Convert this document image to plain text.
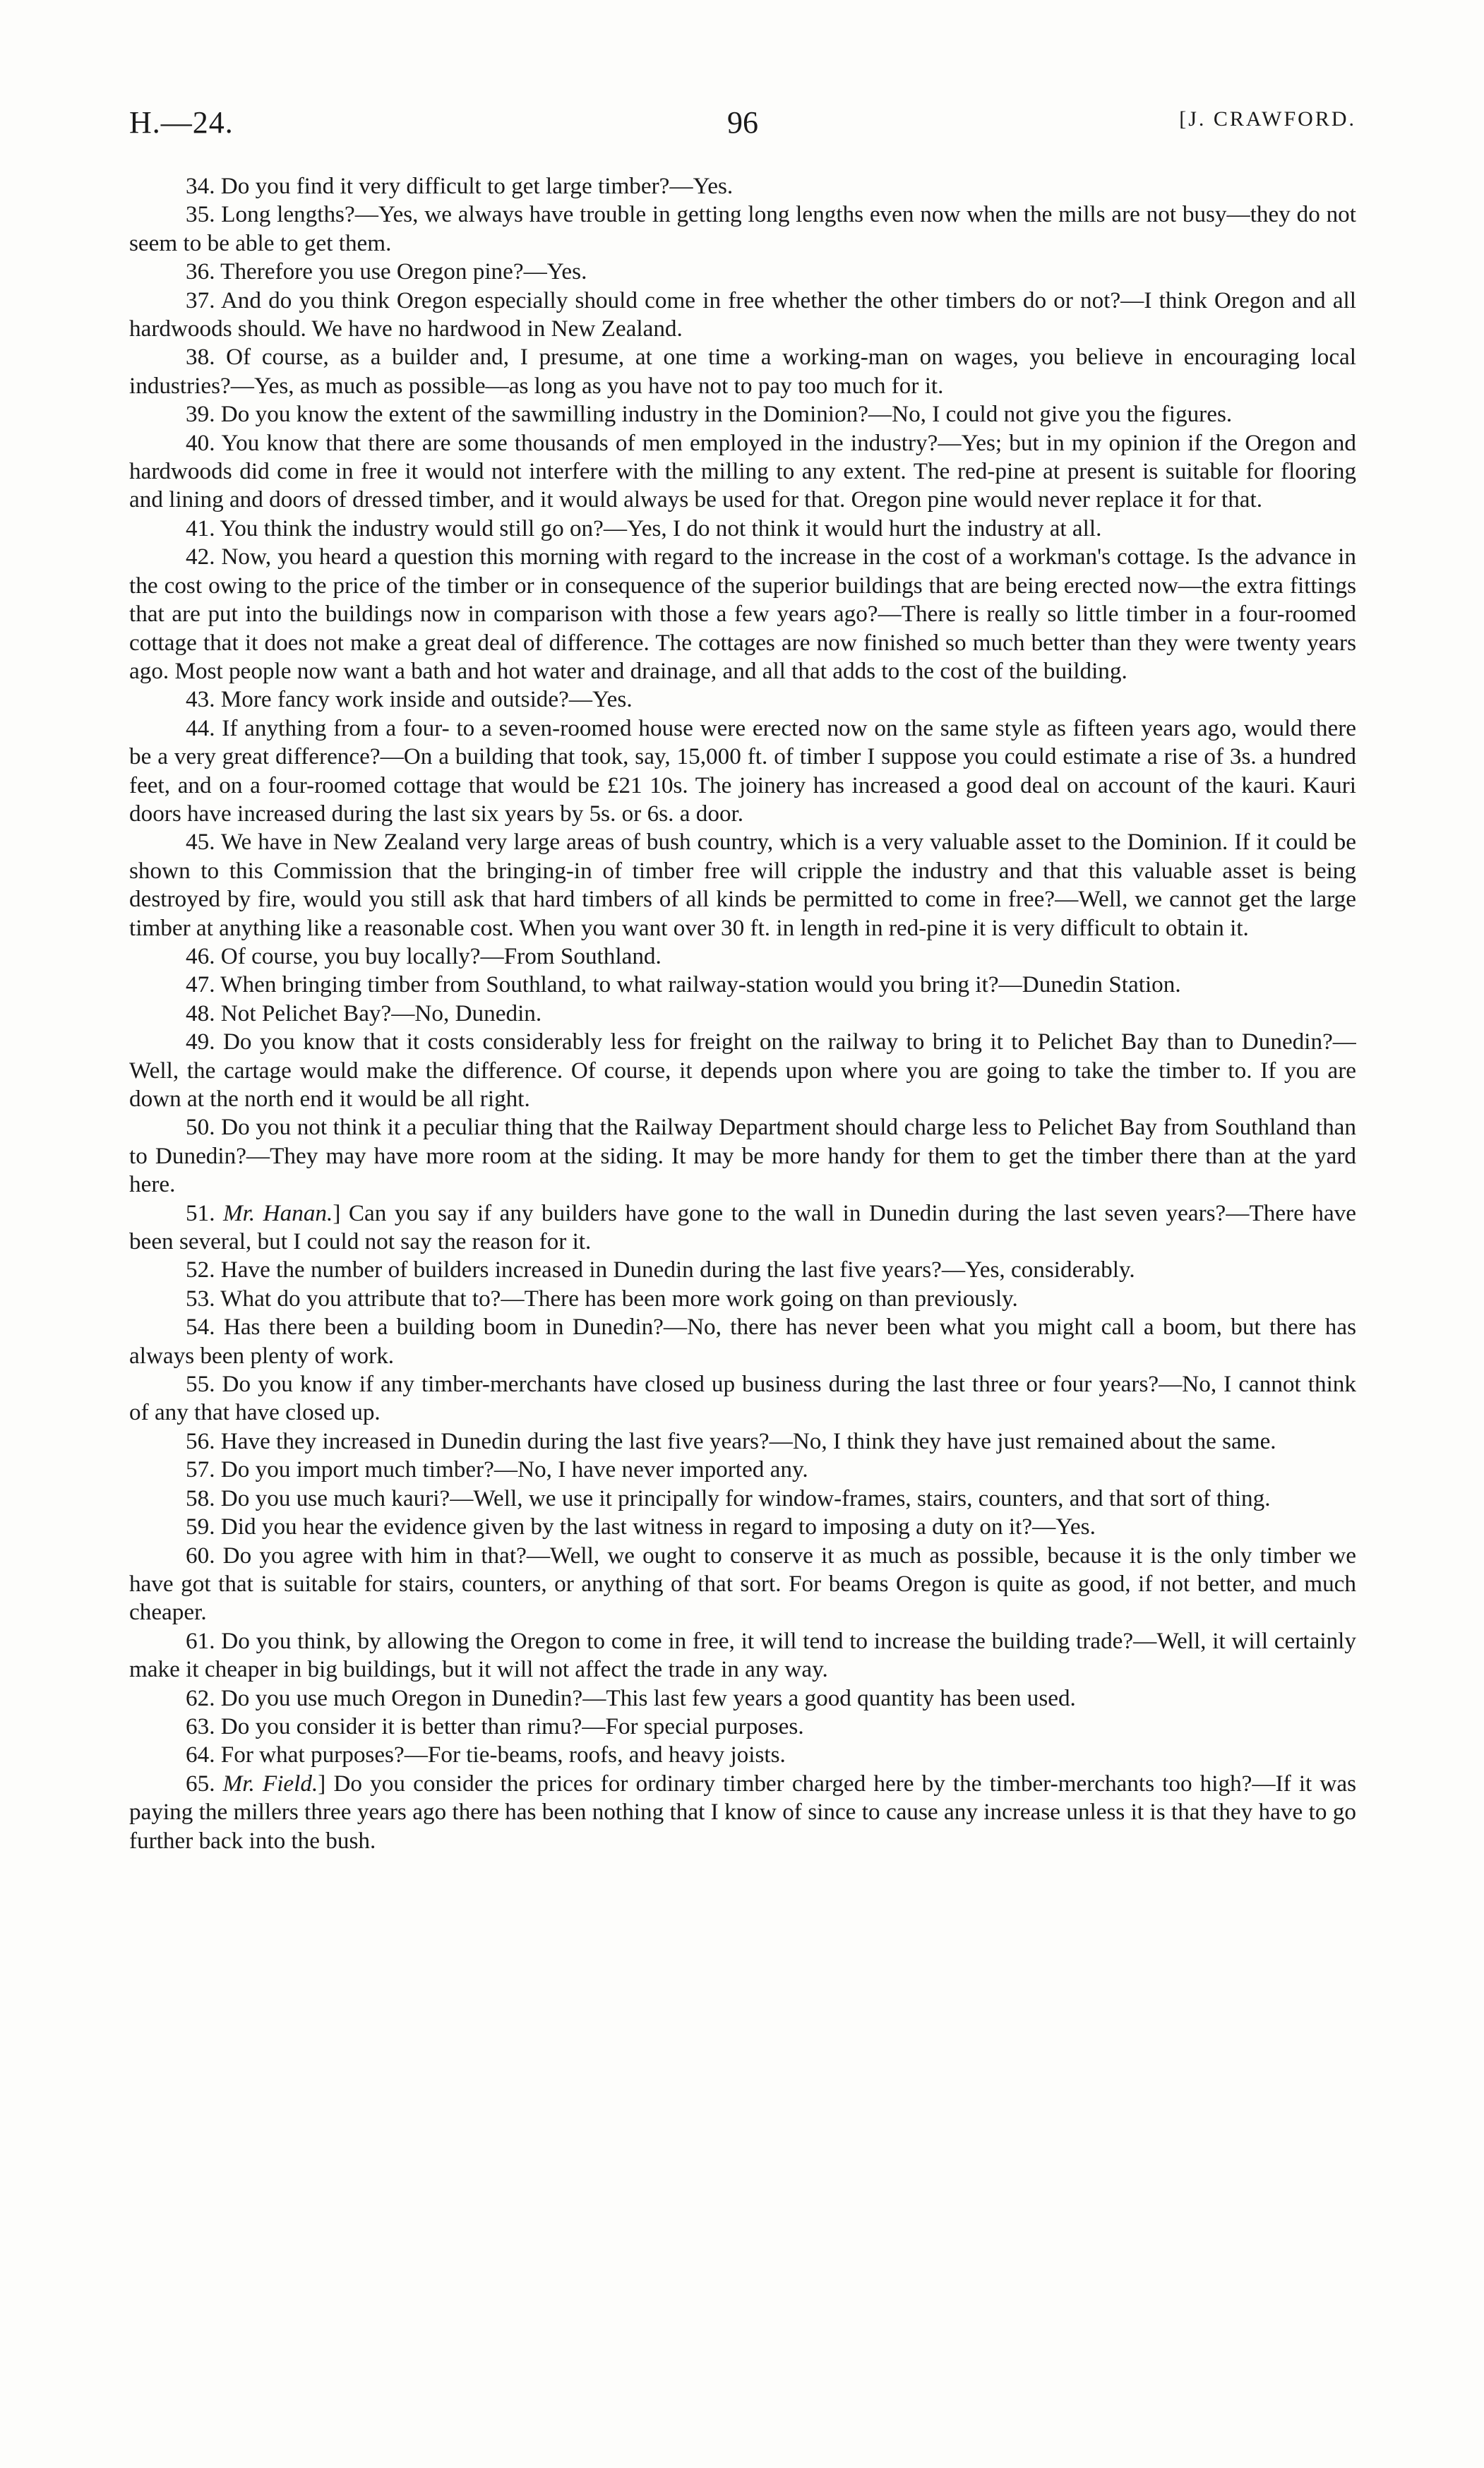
H.—24.	96	[J. CRAWFORD.

34. Do you find it very difficult to get large timber?—Yes.

35. Long lengths?—Yes, we always have trouble in getting long lengths even now when the mills are not busy—they do not seem to be able to get them.

36. Therefore you use Oregon pine?—Yes.

37. And do you think Oregon especially should come in free whether the other timbers do or not?—I think Oregon and all hardwoods should. We have no hardwood in New Zealand.

38. Of course, as a builder and, I presume, at one time a working-man on wages, you believe in encouraging local industries?—Yes, as much as possible—as long as you have not to pay too much for it.

39. Do you know the extent of the sawmilling industry in the Dominion?—No, I could not give you the figures.

40. You know that there are some thousands of men employed in the industry?—Yes; but in my opinion if the Oregon and hardwoods did come in free it would not interfere with the milling to any extent. The red-pine at present is suitable for flooring and lining and doors of dressed timber, and it would always be used for that. Oregon pine would never replace it for that.

41. You think the industry would still go on?—Yes, I do not think it would hurt the industry at all.

42. Now, you heard a question this morning with regard to the increase in the cost of a workman's cottage. Is the advance in the cost owing to the price of the timber or in consequence of the superior buildings that are being erected now—the extra fittings that are put into the buildings now in comparison with those a few years ago?—There is really so little timber in a four-roomed cottage that it does not make a great deal of difference. The cottages are now finished so much better than they were twenty years ago. Most people now want a bath and hot water and drainage, and all that adds to the cost of the building.

43. More fancy work inside and outside?—Yes.

44. If anything from a four- to a seven-roomed house were erected now on the same style as fifteen years ago, would there be a very great difference?—On a building that took, say, 15,000 ft. of timber I suppose you could estimate a rise of 3s. a hundred feet, and on a four-roomed cottage that would be £21 10s. The joinery has increased a good deal on account of the kauri. Kauri doors have increased during the last six years by 5s. or 6s. a door.

45. We have in New Zealand very large areas of bush country, which is a very valuable asset to the Dominion. If it could be shown to this Commission that the bringing-in of timber free will cripple the industry and that this valuable asset is being destroyed by fire, would you still ask that hard timbers of all kinds be permitted to come in free?—Well, we cannot get the large timber at anything like a reasonable cost. When you want over 30 ft. in length in red-pine it is very difficult to obtain it.

46. Of course, you buy locally?—From Southland.

47. When bringing timber from Southland, to what railway-station would you bring it?—Dunedin Station.

48. Not Pelichet Bay?—No, Dunedin.

49. Do you know that it costs considerably less for freight on the railway to bring it to Pelichet Bay than to Dunedin?—Well, the cartage would make the difference. Of course, it depends upon where you are going to take the timber to. If you are down at the north end it would be all right.

50. Do you not think it a peculiar thing that the Railway Department should charge less to Pelichet Bay from Southland than to Dunedin?—They may have more room at the siding. It may be more handy for them to get the timber there than at the yard here.

51. Mr. Hanan.] Can you say if any builders have gone to the wall in Dunedin during the last seven years?—There have been several, but I could not say the reason for it.

52. Have the number of builders increased in Dunedin during the last five years?—Yes, considerably.

53. What do you attribute that to?—There has been more work going on than previously.

54. Has there been a building boom in Dunedin?—No, there has never been what you might call a boom, but there has always been plenty of work.

55. Do you know if any timber-merchants have closed up business during the last three or four years?—No, I cannot think of any that have closed up.

56. Have they increased in Dunedin during the last five years?—No, I think they have just remained about the same.

57. Do you import much timber?—No, I have never imported any.

58. Do you use much kauri?—Well, we use it principally for window-frames, stairs, counters, and that sort of thing.

59. Did you hear the evidence given by the last witness in regard to imposing a duty on it?—Yes.

60. Do you agree with him in that?—Well, we ought to conserve it as much as possible, because it is the only timber we have got that is suitable for stairs, counters, or anything of that sort. For beams Oregon is quite as good, if not better, and much cheaper.

61. Do you think, by allowing the Oregon to come in free, it will tend to increase the building trade?—Well, it will certainly make it cheaper in big buildings, but it will not affect the trade in any way.

62. Do you use much Oregon in Dunedin?—This last few years a good quantity has been used.

63. Do you consider it is better than rimu?—For special purposes.

64. For what purposes?—For tie-beams, roofs, and heavy joists.

65. Mr. Field.] Do you consider the prices for ordinary timber charged here by the timber-merchants too high?—If it was paying the millers three years ago there has been nothing that I know of since to cause any increase unless it is that they have to go further back into the bush.
